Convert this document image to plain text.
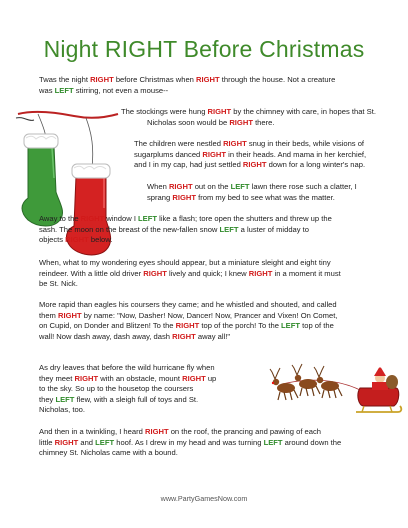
Night RIGHT Before Christmas
Twas the night RIGHT before Christmas when RIGHT through the house. Not a creature
was LEFT stirring, not even a mouse--
The stockings were hung RIGHT by the chimney with care, in hopes that St.
Nicholas soon would be RIGHT there.
The children were nestled RIGHT snug in their beds, while visions of
sugarplums danced RIGHT in their heads. And mama in her kerchief,
and I in my cap, had just settled RIGHT down for a long winter's nap.
When RIGHT out on the LEFT lawn there rose such a clatter, I
sprang RIGHT from my bed to see what was the matter.
Away to the RIGHT window I LEFT like a flash; tore open the shutters and threw up the
sash. The moon on the breast of the new-fallen snow LEFT a luster of midday to
objects RIGHT below.
When, what to my wondering eyes should appear, but a miniature sleight and eight tiny
reindeer. With a little old driver RIGHT lively and quick; I knew RIGHT in a moment it must
be St. Nick.
More rapid than eagles his coursers they came; and he whistled and shouted, and called
them RIGHT by name: "Now, Dasher! Now, Dancer! Now, Prancer and Vixen! On Comet,
on Cupid, on Donder and Blitzen! To the RIGHT top of the porch! To the LEFT top of the
wall! Now dash away, dash away, dash RIGHT away all!"
As dry leaves that before the wild hurricane fly when
they meet RIGHT with an obstacle, mount RIGHT up
to the sky. So up to the housetop the coursers
they LEFT flew, with a sleigh full of toys and St.
Nicholas, too.
And then in a twinkling, I heard RIGHT on the roof, the prancing and pawing of each
little RIGHT and LEFT hoof. As I drew in my head and was turning LEFT around down the
chimney St. Nicholas came with a bound.
www.PartyGamesNow.com
